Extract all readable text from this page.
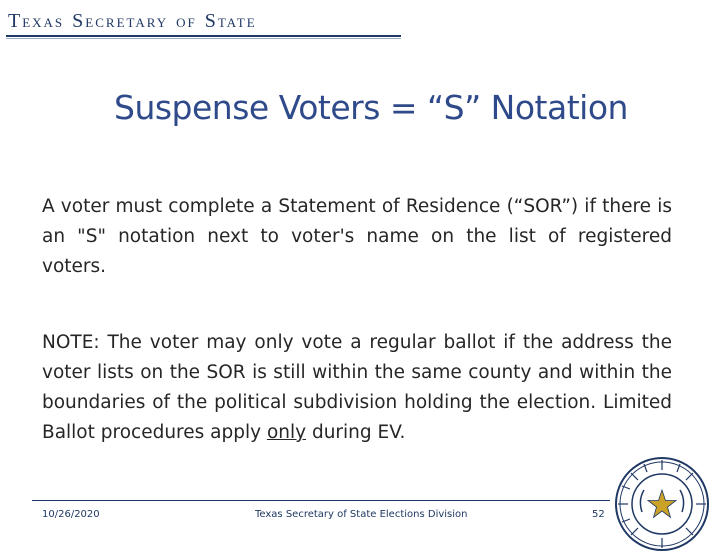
TEXAS SECRETARY OF STATE
Suspense Voters = “S” Notation

A voter must complete a Statement of Residence (“SOR”) if there is an "S" notation next to voter's name on the list of registered voters.

NOTE: The voter may only vote a regular ballot if the address the voter lists on the SOR is still within the same county and within the boundaries of the political subdivision holding the election. Limited Ballot procedures apply only during EV.

10/26/2020	Texas Secretary of State Elections Division	52
